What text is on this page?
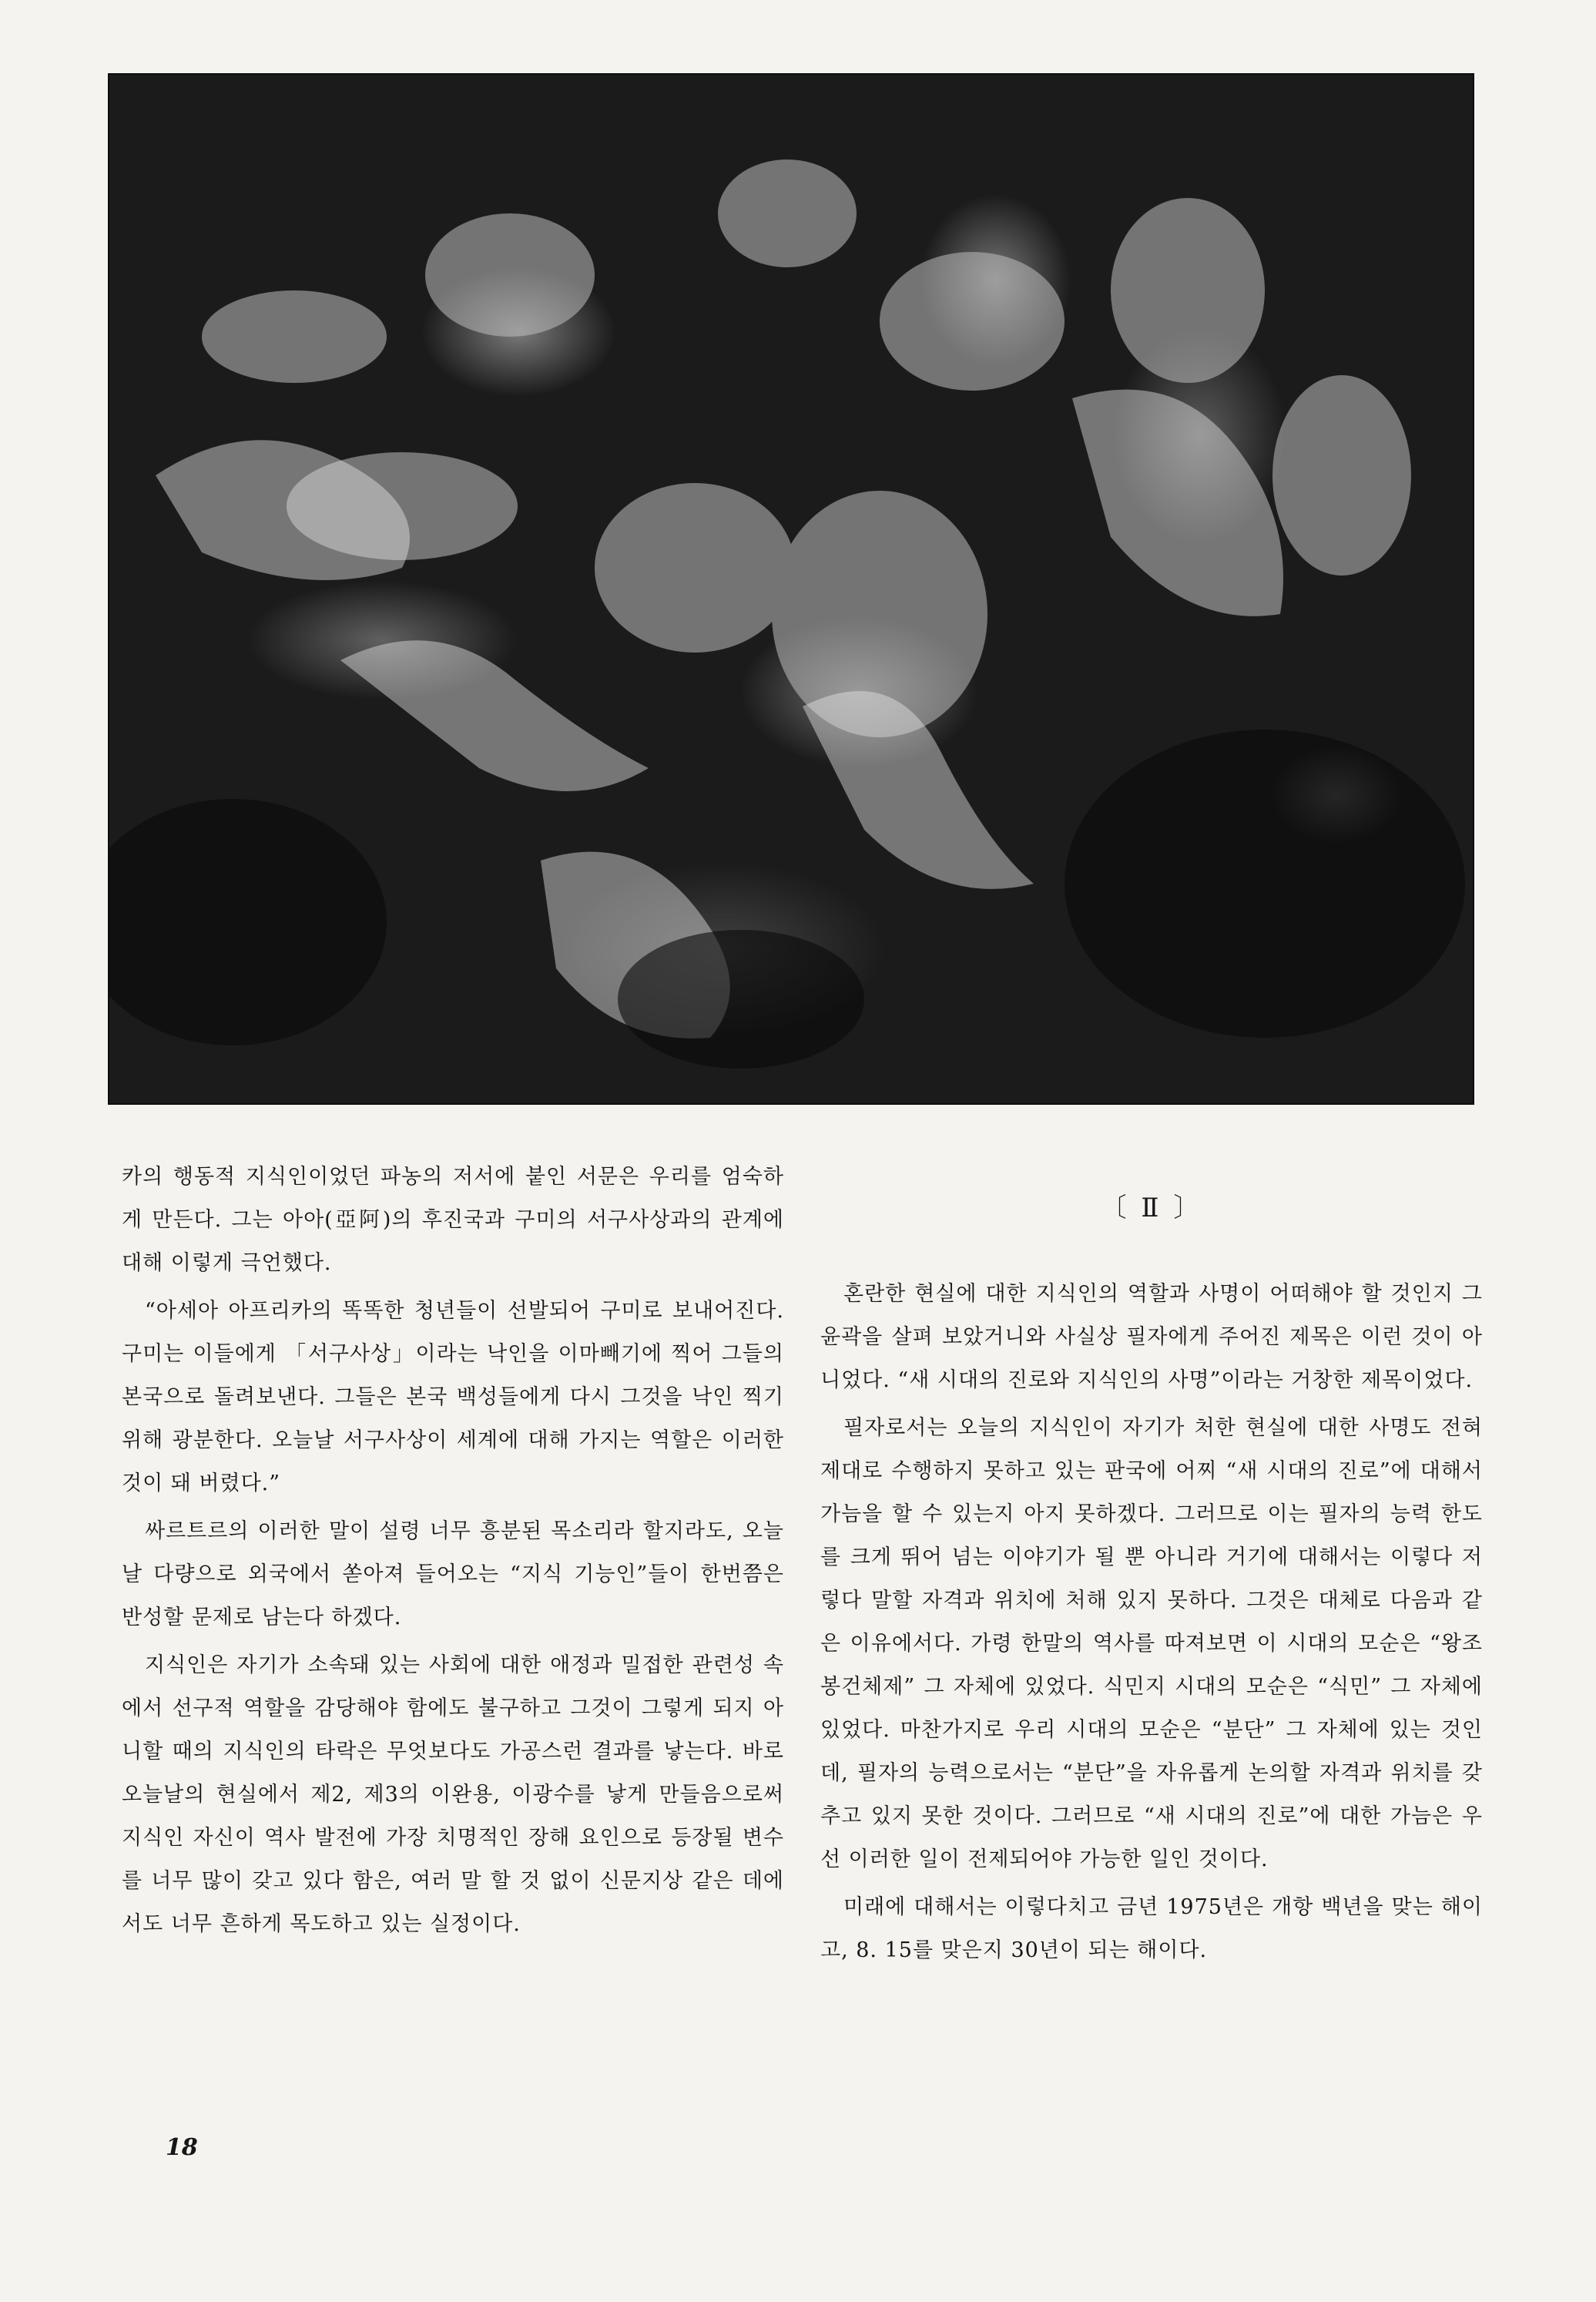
카의 행동적 지식인이었던 파농의 저서에 붙인 서문은 우리를 엄숙하게 만든다. 그는 아아(亞阿)의 후진국과 구미의 서구사상과의 관계에 대해 이렇게 극언했다.

“아세아 아프리카의 똑똑한 청년들이 선발되어 구미로 보내어진다. 구미는 이들에게 「서구사상」이라는 낙인을 이마빼기에 찍어 그들의 본국으로 돌려보낸다. 그들은 본국 백성들에게 다시 그것을 낙인 찍기 위해 광분한다. 오늘날 서구사상이 세계에 대해 가지는 역할은 이러한 것이 돼 버렸다.”

싸르트르의 이러한 말이 설령 너무 흥분된 목소리라 할지라도, 오늘날 다량으로 외국에서 쏟아져 들어오는 “지식 기능인”들이 한번쯤은 반성할 문제로 남는다 하겠다.

지식인은 자기가 소속돼 있는 사회에 대한 애정과 밀접한 관련성 속에서 선구적 역할을 감당해야 함에도 불구하고 그것이 그렇게 되지 아니할 때의 지식인의 타락은 무엇보다도 가공스런 결과를 낳는다. 바로 오늘날의 현실에서 제2, 제3의 이완용, 이광수를 낳게 만들음으로써 지식인 자신이 역사 발전에 가장 치명적인 장해 요인으로 등장될 변수를 너무 많이 갖고 있다 함은, 여러 말 할 것 없이 신문지상 같은 데에서도 너무 흔하게 목도하고 있는 실정이다.

〔 Ⅱ 〕

혼란한 현실에 대한 지식인의 역할과 사명이 어떠해야 할 것인지 그 윤곽을 살펴 보았거니와 사실상 필자에게 주어진 제목은 이런 것이 아니었다. “새 시대의 진로와 지식인의 사명”이라는 거창한 제목이었다.

필자로서는 오늘의 지식인이 자기가 처한 현실에 대한 사명도 전혀 제대로 수행하지 못하고 있는 판국에 어찌 “새 시대의 진로”에 대해서 가늠을 할 수 있는지 아지 못하겠다. 그러므로 이는 필자의 능력 한도를 크게 뛰어 넘는 이야기가 될 뿐 아니라 거기에 대해서는 이렇다 저렇다 말할 자격과 위치에 처해 있지 못하다. 그것은 대체로 다음과 같은 이유에서다. 가령 한말의 역사를 따져보면 이 시대의 모순은 “왕조 봉건체제” 그 자체에 있었다. 식민지 시대의 모순은 “식민” 그 자체에 있었다. 마찬가지로 우리 시대의 모순은 “분단” 그 자체에 있는 것인데, 필자의 능력으로서는 “분단”을 자유롭게 논의할 자격과 위치를 갖추고 있지 못한 것이다. 그러므로 “새 시대의 진로”에 대한 가늠은 우선 이러한 일이 전제되어야 가능한 일인 것이다.

미래에 대해서는 이렇다치고 금년 1975년은 개항 백년을 맞는 해이고, 8. 15를 맞은지 30년이 되는 해이다.

18
